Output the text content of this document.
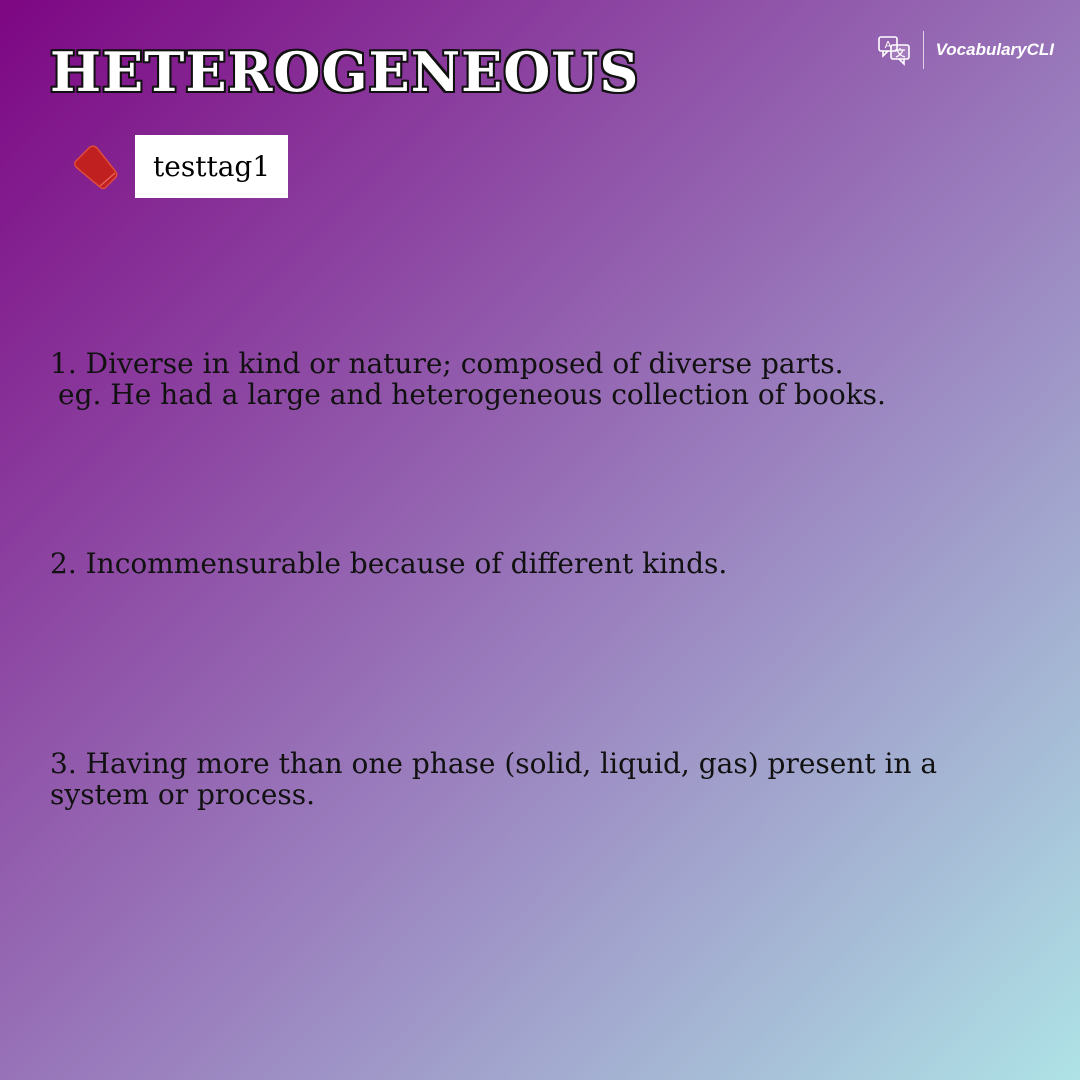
HETEROGENEOUS	A	VocabularyCLI
testtag1

1. Diverse in kind or nature; composed of diverse parts.
eg. He had a large and heterogeneous collection of books.

2. Incommensurable because of different kinds.

3. Having more than one phase (solid, liquid, gas) present in a system or process.
